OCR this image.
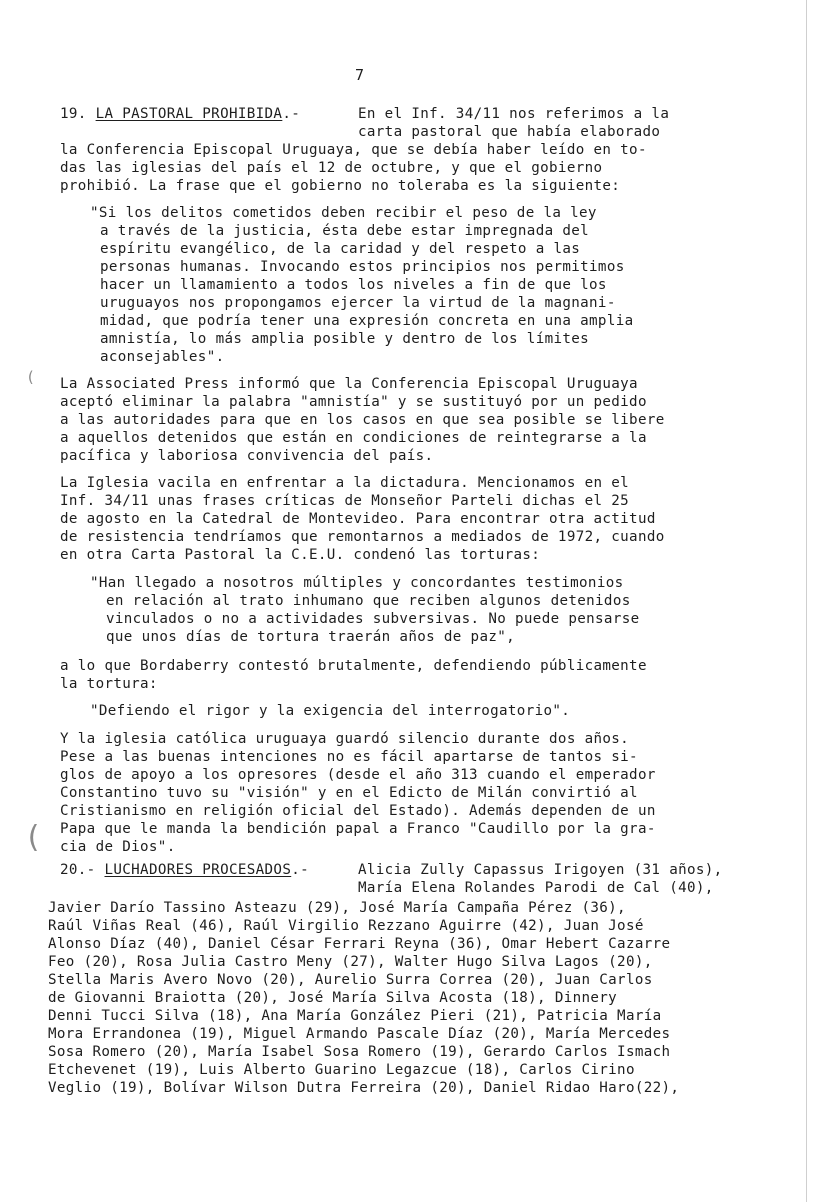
(
(

7

19. LA PASTORAL PROHIBIDA.-	En el Inf. 34/11 nos referimos a la

carta pastoral que había elaborado

la Conferencia Episcopal Uruguaya, que se debía haber leído en to-

das las iglesias del país el 12 de octubre, y que el gobierno

prohibió. La frase que el gobierno no toleraba es la siguiente:

"Si los delitos cometidos deben recibir el peso de la ley

a través de la justicia, ésta debe estar impregnada del

espíritu evangélico, de la caridad y del respeto a las

personas humanas. Invocando estos principios nos permitimos

hacer un llamamiento a todos los niveles a fin de que los

uruguayos nos propongamos ejercer la virtud de la magnani-

midad, que podría tener una expresión concreta en una amplia

amnistía, lo más amplia posible y dentro de los límites

aconsejables".

La Associated Press informó que la Conferencia Episcopal Uruguaya

aceptó eliminar la palabra "amnistía" y se sustituyó por un pedido

a las autoridades para que en los casos en que sea posible se libere

a aquellos detenidos que están en condiciones de reintegrarse a la

pacífica y laboriosa convivencia del país.

La Iglesia vacila en enfrentar a la dictadura. Mencionamos en el

Inf. 34/11 unas frases críticas de Monseñor Parteli dichas el 25

de agosto en la Catedral de Montevideo. Para encontrar otra actitud

de resistencia tendríamos que remontarnos a mediados de 1972, cuando

en otra Carta Pastoral la C.E.U. condenó las torturas:

"Han llegado a nosotros múltiples y concordantes testimonios

en relación al trato inhumano que reciben algunos detenidos

vinculados o no a actividades subversivas. No puede pensarse

que unos días de tortura traerán años de paz",

a lo que Bordaberry contestó brutalmente, defendiendo públicamente

la tortura:

"Defiendo el rigor y la exigencia del interrogatorio".

Y la iglesia católica uruguaya guardó silencio durante dos años.

Pese a las buenas intenciones no es fácil apartarse de tantos si-

glos de apoyo a los opresores (desde el año 313 cuando el emperador

Constantino tuvo su "visión" y en el Edicto de Milán convirtió al

Cristianismo en religión oficial del Estado). Además dependen de un

Papa que le manda la bendición papal a Franco "Caudillo por la gra-

cia de Dios".

20.- LUCHADORES PROCESADOS.-	Alicia Zully Capassus Irigoyen (31 años),

María Elena Rolandes Parodi de Cal (40),

Javier Darío Tassino Asteazu (29), José María Campaña Pérez (36),

Raúl Viñas Real (46), Raúl Virgilio Rezzano Aguirre (42), Juan José

Alonso Díaz (40), Daniel César Ferrari Reyna (36), Omar Hebert Cazarre

Feo (20), Rosa Julia Castro Meny (27), Walter Hugo Silva Lagos (20),

Stella Maris Avero Novo (20), Aurelio Surra Correa (20), Juan Carlos

de Giovanni Braiotta (20), José María Silva Acosta (18), Dinnery

Denni Tucci Silva (18), Ana María González Pieri (21), Patricia María

Mora Errandonea (19), Miguel Armando Pascale Díaz (20), María Mercedes

Sosa Romero (20), María Isabel Sosa Romero (19), Gerardo Carlos Ismach

Etchevenet (19), Luis Alberto Guarino Legazcue (18), Carlos Cirino

Veglio (19), Bolívar Wilson Dutra Ferreira (20), Daniel Ridao Haro(22),
